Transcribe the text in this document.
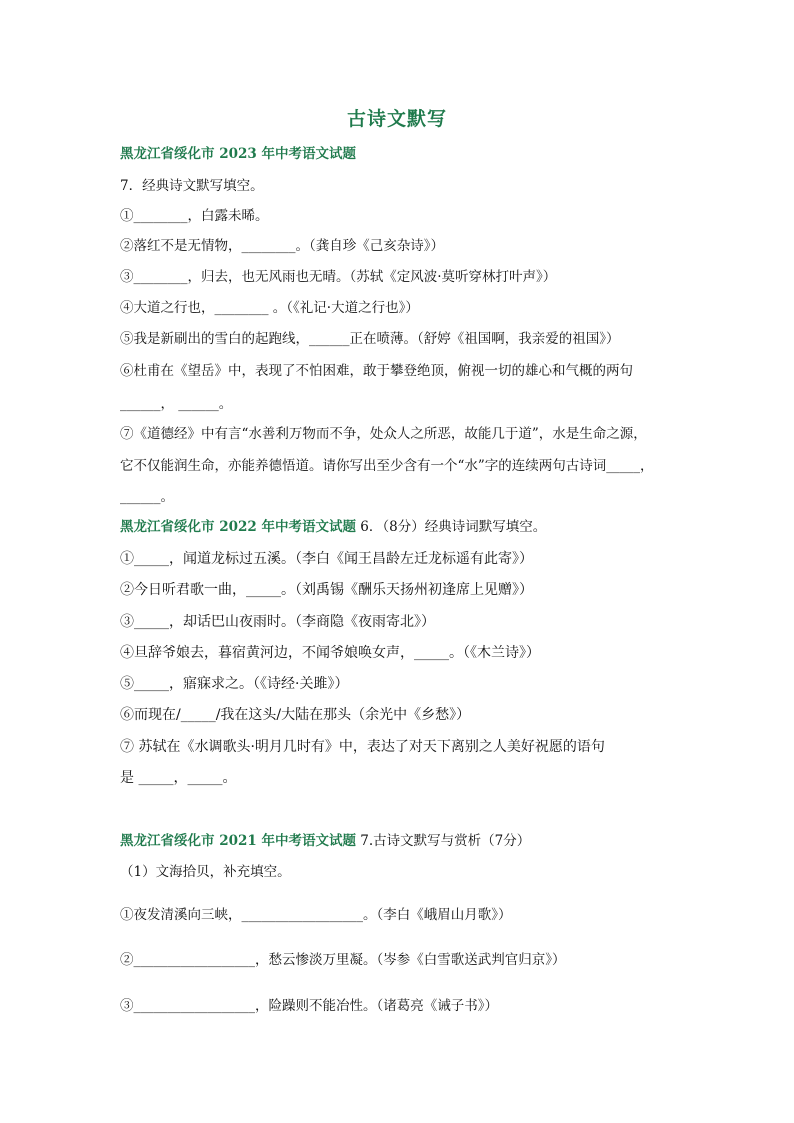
古诗文默写
黑龙江省绥化市 2023 年中考语文试题
7．经典诗文默写填空。
①________，白露未晞。
②落红不是无情物，________。（龚自珍《己亥杂诗》）
③________，归去，也无风雨也无晴。（苏轼《定风波·莫听穿林打叶声》）
④大道之行也，________ 。（《礼记·大道之行也》）
⑤我是新刷出的雪白的起跑线，______正在喷薄。（舒婷《祖国啊，我亲爱的祖国》）
⑥杜甫在《望岳》中，表现了不怕困难，敢于攀登绝顶，俯视一切的雄心和气概的两句
______， ______。
⑦《道德经》中有言“水善利万物而不争，处众人之所恶，故能几于道”，水是生命之源，
它不仅能润生命，亦能养德悟道。请你写出至少含有一个“水”字的连续两句古诗词_____，
______。
黑龙江省绥化市 2022 年中考语文试题 6．（8分）经典诗词默写填空。
①_____，闻道龙标过五溪。（李白《闻王昌龄左迁龙标遥有此寄》）
②今日听君歌一曲，_____。（刘禹锡《酬乐天扬州初逢席上见赠》）
③_____，却话巴山夜雨时。（李商隐《夜雨寄北》）
④旦辞爷娘去，暮宿黄河边，不闻爷娘唤女声，_____。（《木兰诗》）
⑤_____，寤寐求之。（《诗经·关雎》）
⑥而现在/_____/我在这头/大陆在那头（余光中《乡愁》）
⑦ 苏轼在《水调歌头·明月几时有》中，表达了对天下离别之人美好祝愿的语句
是 _____，_____。
黑龙江省绥化市 2021 年中考语文试题 7.古诗文默写与赏析（7分）
（1）文海拾贝，补充填空。
①夜发清溪向三峡，__________________。（李白《峨眉山月歌》）
②__________________，愁云惨淡万里凝。（岑参《白雪歌送武判官归京》）
③__________________，险躁则不能冶性。（诸葛亮《诫子书》）
